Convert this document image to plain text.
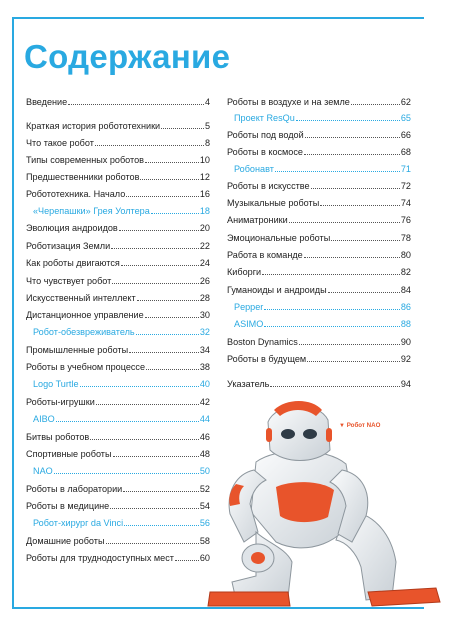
Содержание
Введение	4
Краткая история робототехники	5
Что такое робот	8
Типы современных роботов	10
Предшественники роботов	12
Робототехника. Начало	16
«Черепашки» Грея Уолтера	18
Эволюция андроидов	20
Роботизация Земли	22
Как роботы двигаются	24
Что чувствует робот	26
Искусственный интеллект	28
Дистанционное управление	30
Робот-обезвреживатель	32
Промышленные роботы	34
Роботы в учебном процессе	38
Logo Turtle	40
Роботы-игрушки	42
AIBO	44
Битвы роботов	46
Спортивные роботы	48
NAO	50
Роботы в лаборатории	52
Роботы в медицине	54
Робот-хирург da Vinci	56
Домашние роботы	58
Роботы для труднодоступных мест	60
Роботы в воздухе и на земле	62
Проект ResQu	65
Роботы под водой	66
Роботы в космосе	68
Робонавт	71
Роботы в искусстве	72
Музыкальные роботы	74
Аниматроники	76
Эмоциональные роботы	78
Работа в команде	80
Киборги	82
Гуманоиды и андроиды	84
Pepper	86
ASIMO	88
Boston Dynamics	90
Роботы в будущем	92
Указатель	94
▼ Робот NAO
